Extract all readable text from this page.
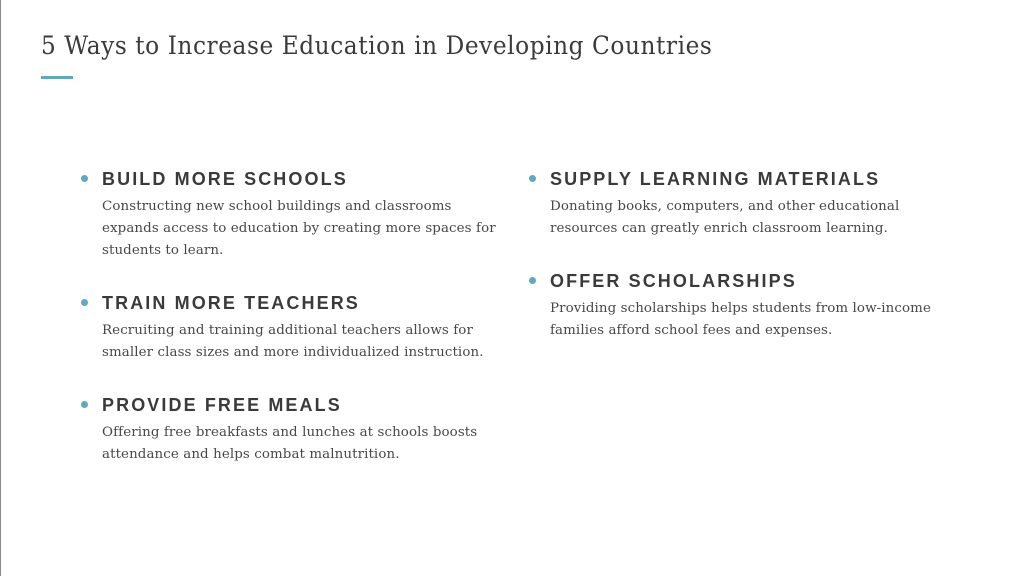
5 Ways to Increase Education in Developing Countries
BUILD MORE SCHOOLS

Constructing new school buildings and classrooms expands access to education by creating more spaces for students to learn.

TRAIN MORE TEACHERS

Recruiting and training additional teachers allows for smaller class sizes and more individualized instruction.

PROVIDE FREE MEALS

Offering free breakfasts and lunches at schools boosts attendance and helps combat malnutrition.

SUPPLY LEARNING MATERIALS

Donating books, computers, and other educational resources can greatly enrich classroom learning.

OFFER SCHOLARSHIPS

Providing scholarships helps students from low-income families afford school fees and expenses.
